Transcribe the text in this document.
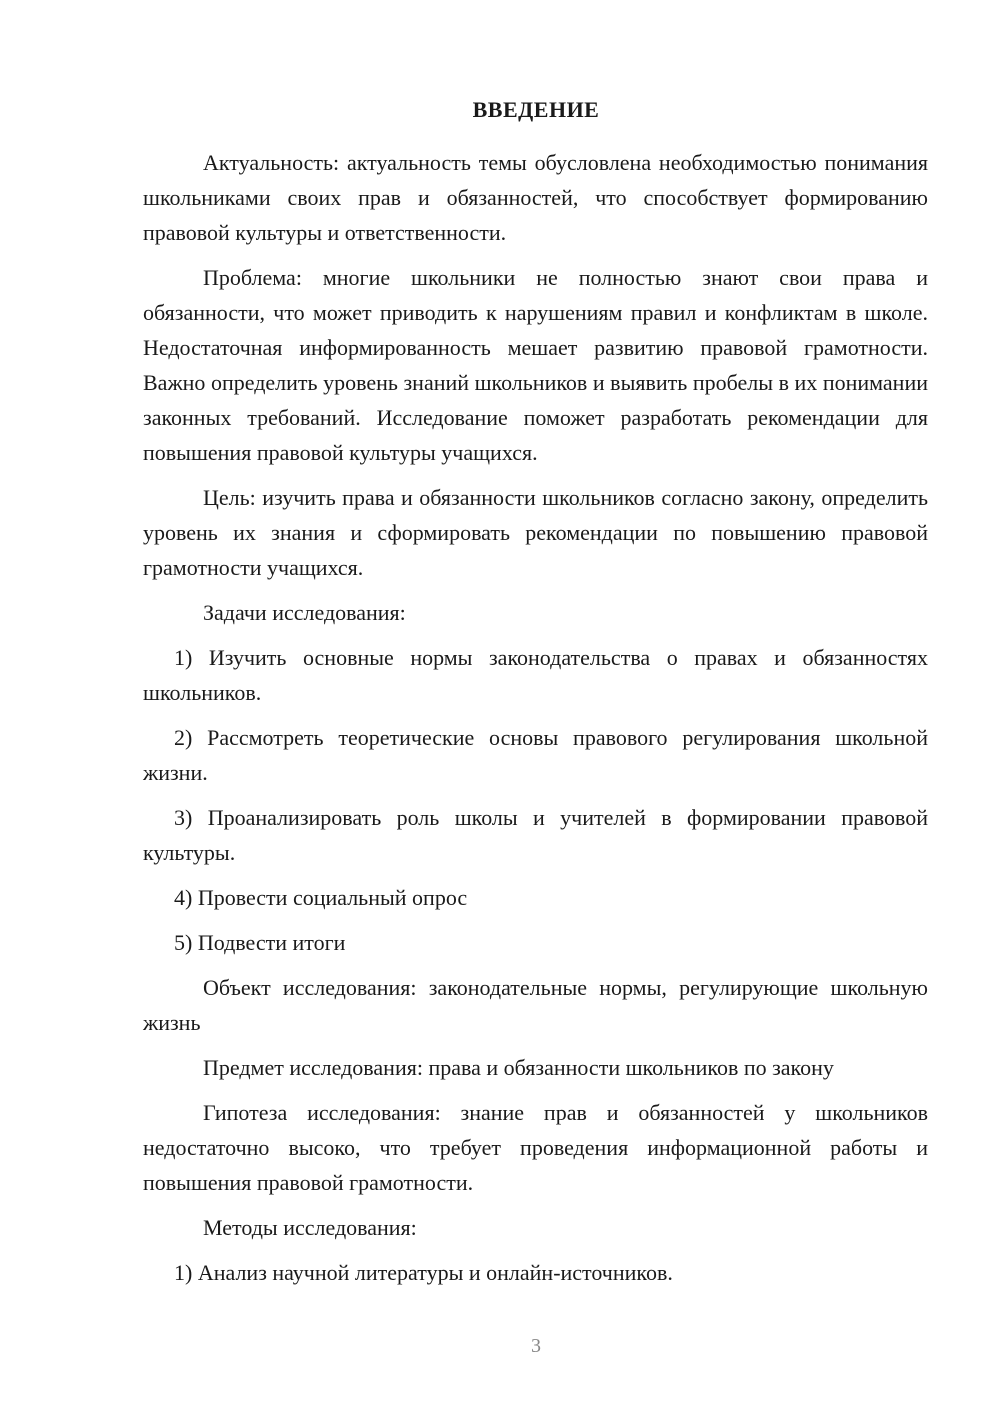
ВВЕДЕНИЕ

Актуальность: актуальность темы обусловлена необходимостью понимания школьниками своих прав и обязанностей, что способствует формированию правовой культуры и ответственности.

Проблема: многие школьники не полностью знают свои права и обязанности, что может приводить к нарушениям правил и конфликтам в школе. Недостаточная информированность мешает развитию правовой грамотности. Важно определить уровень знаний школьников и выявить пробелы в их понимании законных требований. Исследование поможет разработать рекомендации для повышения правовой культуры учащихся.

Цель: изучить права и обязанности школьников согласно закону, определить уровень их знания и сформировать рекомендации по повышению правовой грамотности учащихся.

Задачи исследования:

1) Изучить основные нормы законодательства о правах и обязанностях школьников.

2) Рассмотреть теоретические основы правового регулирования школьной жизни.

3) Проанализировать роль школы и учителей в формировании правовой культуры.

4) Провести социальный опрос

5) Подвести итоги

Объект исследования: законодательные нормы, регулирующие школьную жизнь

Предмет исследования: права и обязанности школьников по закону

Гипотеза исследования: знание прав и обязанностей у школьников недостаточно высоко, что требует проведения информационной работы и повышения правовой грамотности.

Методы исследования:

1) Анализ научной литературы и онлайн-источников.

3
